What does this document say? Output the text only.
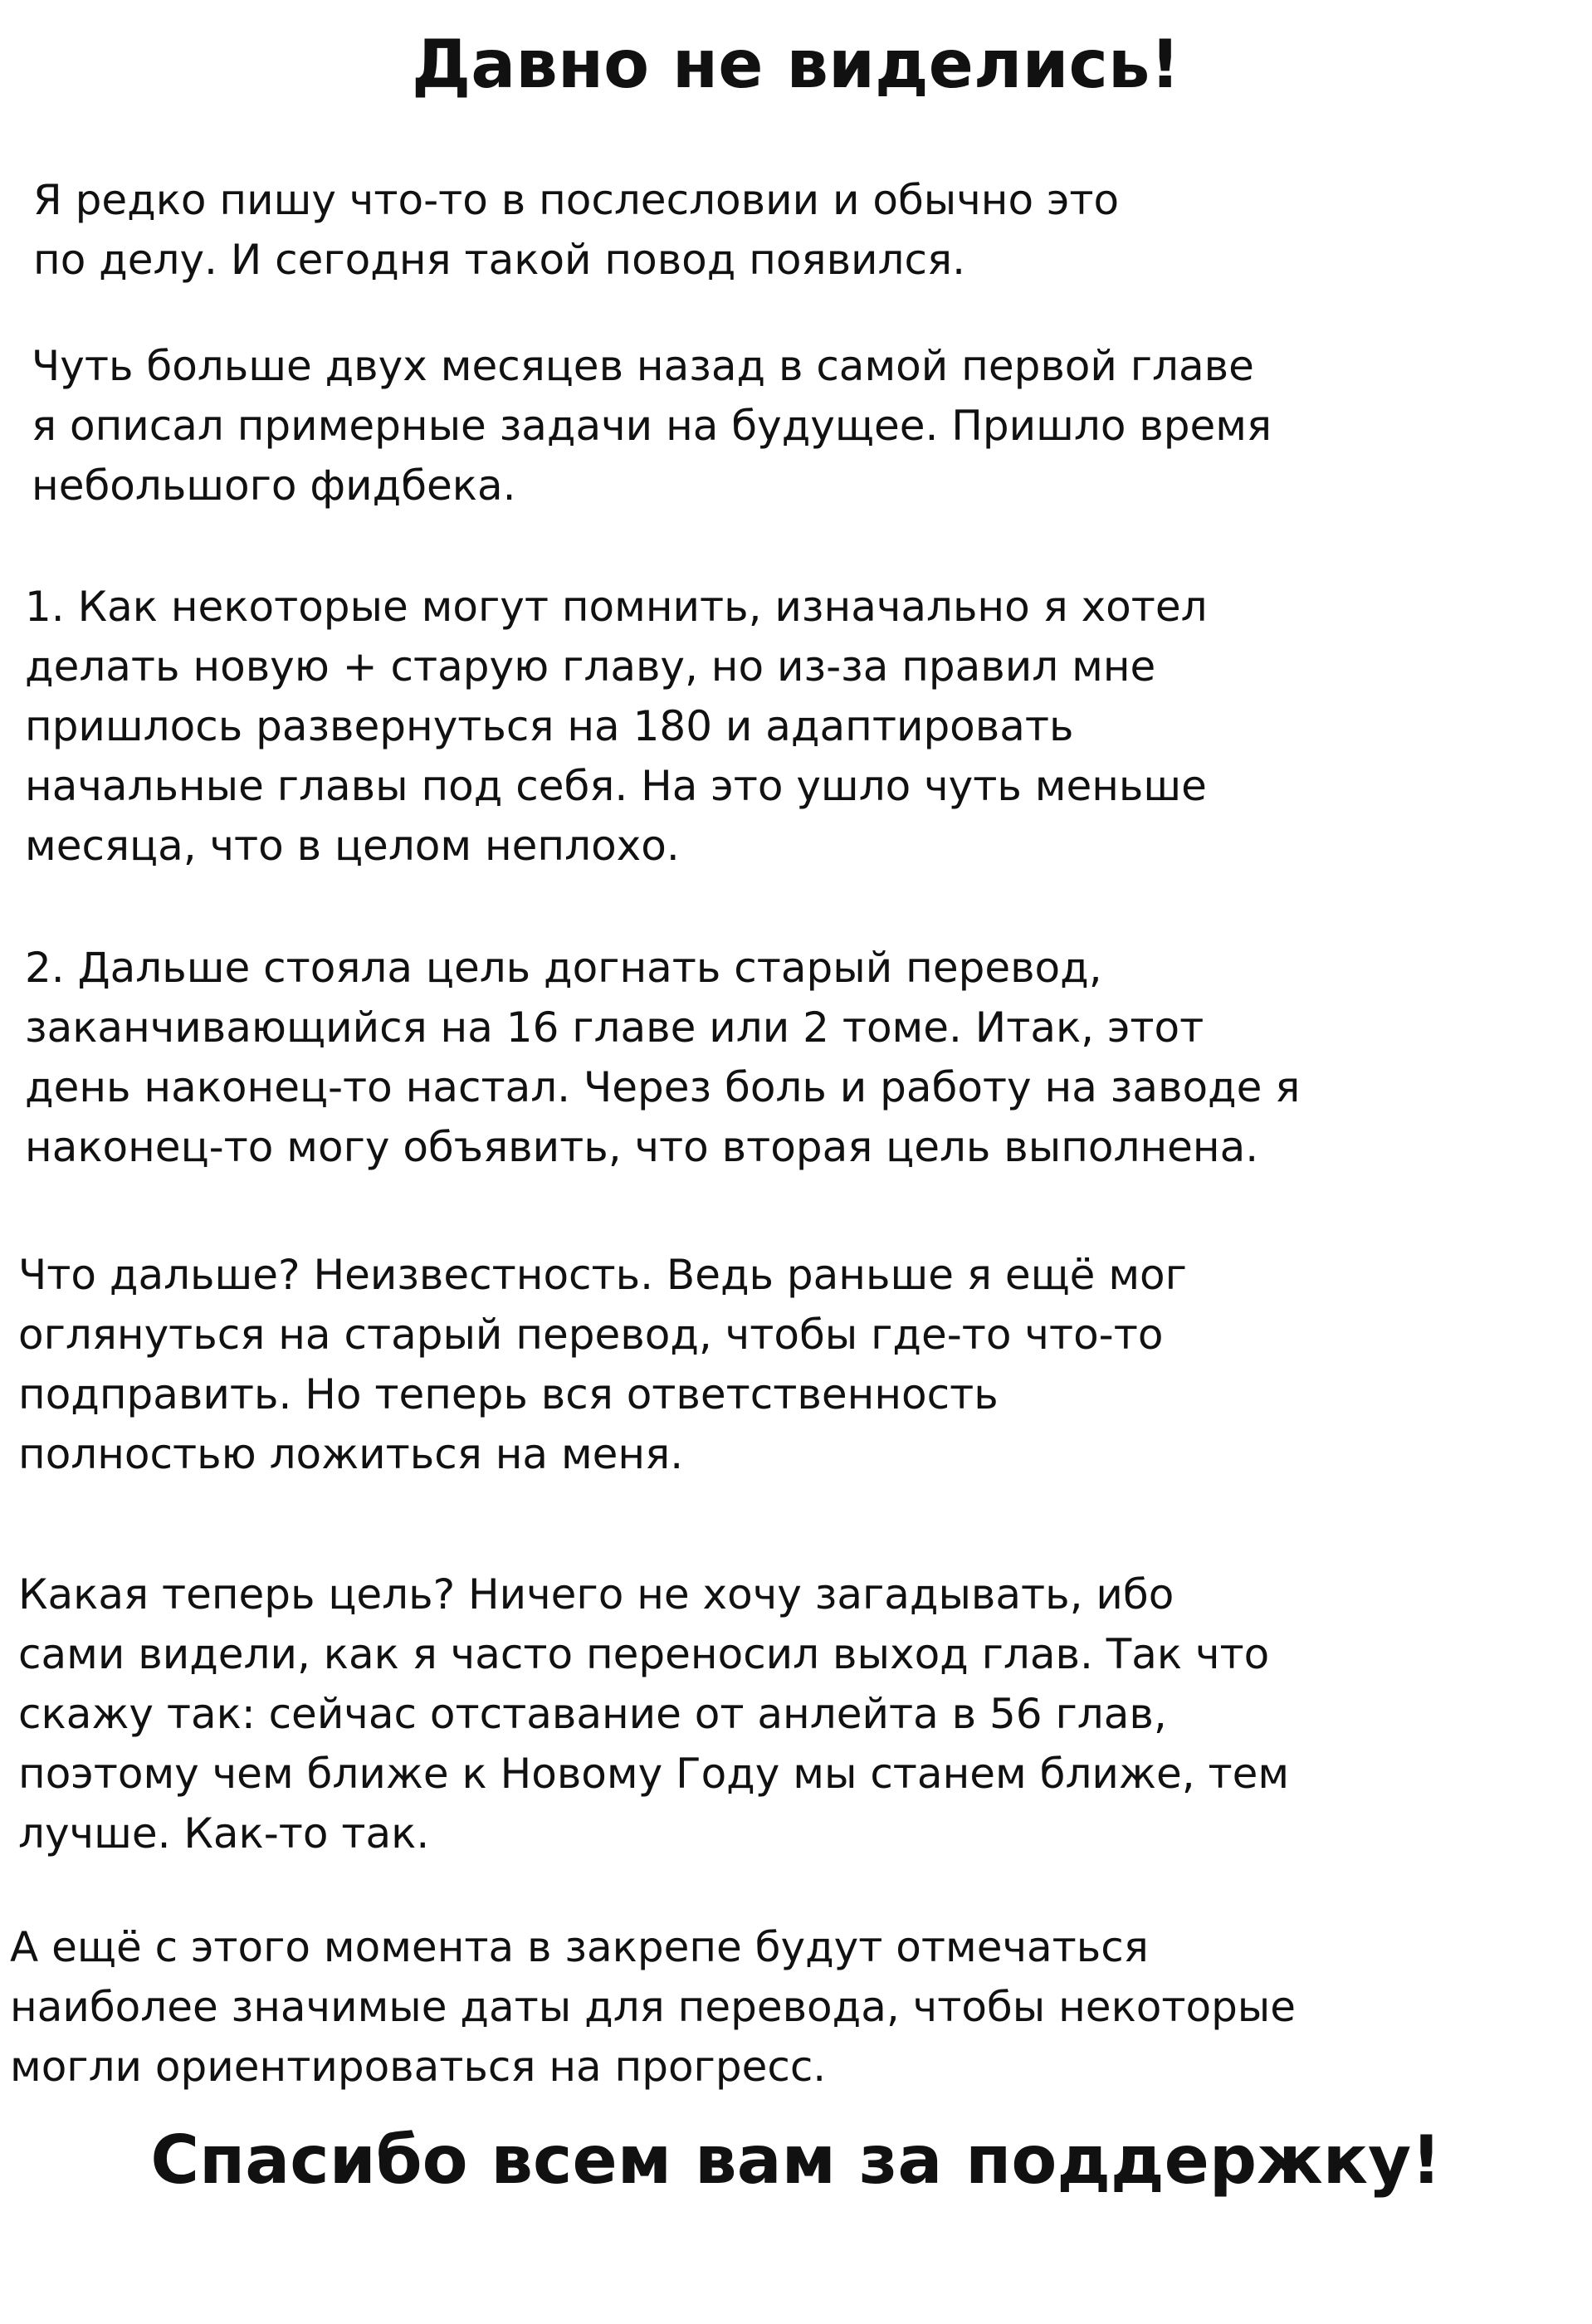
Давно не виделись!
Я редко пишу что-то в послесловии и обычно это
по делу. И сегодня такой повод появился.
Чуть больше двух месяцев назад в самой первой главе
я описал примерные задачи на будущее. Пришло время
небольшого фидбека.
1. Как некоторые могут помнить, изначально я хотел
делать новую + старую главу, но из-за правил мне
пришлось развернуться на 180 и адаптировать
начальные главы под себя. На это ушло чуть меньше
месяца, что в целом неплохо.
2. Дальше стояла цель догнать старый перевод,
заканчивающийся на 16 главе или 2 томе. Итак, этот
день наконец-то настал. Через боль и работу на заводе я
наконец-то могу объявить, что вторая цель выполнена.
Что дальше? Неизвестность. Ведь раньше я ещё мог
оглянуться на старый перевод, чтобы где-то что-то
подправить. Но теперь вся ответственность
полностью ложиться на меня.
Какая теперь цель? Ничего не хочу загадывать, ибо
сами видели, как я часто переносил выход глав. Так что
скажу так: сейчас отставание от анлейта в 56 глав,
поэтому чем ближе к Новому Году мы станем ближе, тем
лучше. Как-то так.
А ещё с этого момента в закрепе будут отмечаться
наиболее значимые даты для перевода, чтобы некоторые
могли ориентироваться на прогресс.
Спасибо всем вам за поддержку!
